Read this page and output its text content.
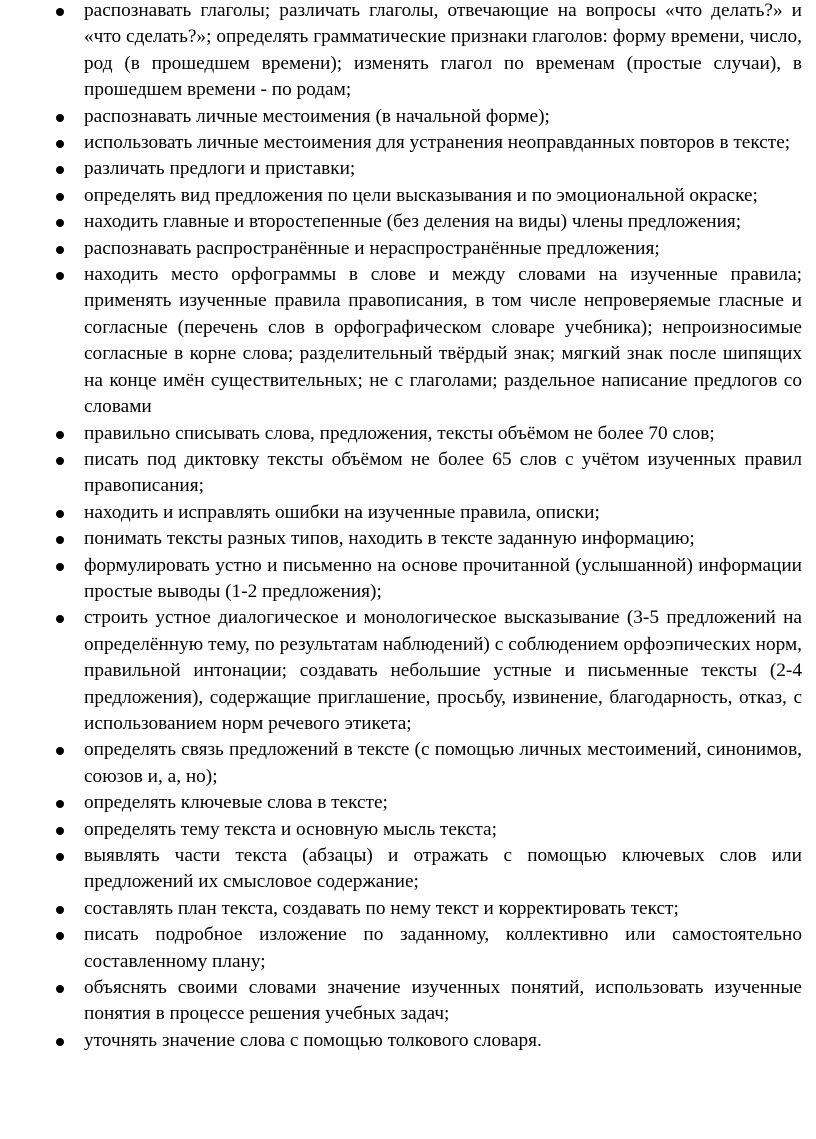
распознавать глаголы; различать глаголы, отвечающие на вопросы «что делать?» и «что сделать?»; определять грамматические признаки глаголов: форму времени, число, род (в прошедшем времени); изменять глагол по временам (простые случаи), в прошедшем времени - по родам;
распознавать личные местоимения (в начальной форме);
использовать личные местоимения для устранения неоправданных повторов в тексте;
различать предлоги и приставки;
определять вид предложения по цели высказывания и по эмоциональной окраске;
находить главные и второстепенные (без деления на виды) члены предложения;
распознавать распространённые и нераспространённые предложения;
находить место орфограммы в слове и между словами на изученные правила; применять изученные правила правописания, в том числе непроверяемые гласные и согласные (перечень слов в орфографическом словаре учебника); непроизносимые согласные в корне слова; разделительный твёрдый знак; мягкий знак после шипящих на конце имён существительных; не с глаголами; раздельное написание предлогов со словами
правильно списывать слова, предложения, тексты объёмом не более 70 слов;
писать под диктовку тексты объёмом не более 65 слов с учётом изученных правил правописания;
находить и исправлять ошибки на изученные правила, описки;
понимать тексты разных типов, находить в тексте заданную информацию;
формулировать устно и письменно на основе прочитанной (услышанной) информации простые выводы (1-2 предложения);
строить устное диалогическое и монологическое высказывание (3-5 предложений на определённую тему, по результатам наблюдений) с соблюдением орфоэпических норм, правильной интонации; создавать небольшие устные и письменные тексты (2-4 предложения), содержащие приглашение, просьбу, извинение, благодарность, отказ, с использованием норм речевого этикета;
определять связь предложений в тексте (с помощью личных местоимений, синонимов, союзов и, а, но);
определять ключевые слова в тексте;
определять тему текста и основную мысль текста;
выявлять части текста (абзацы) и отражать с помощью ключевых слов или предложений их смысловое содержание;
составлять план текста, создавать по нему текст и корректировать текст;
писать подробное изложение по заданному, коллективно или самостоятельно составленному плану;
объяснять своими словами значение изученных понятий, использовать изученные понятия в процессе решения учебных задач;
уточнять значение слова с помощью толкового словаря.
